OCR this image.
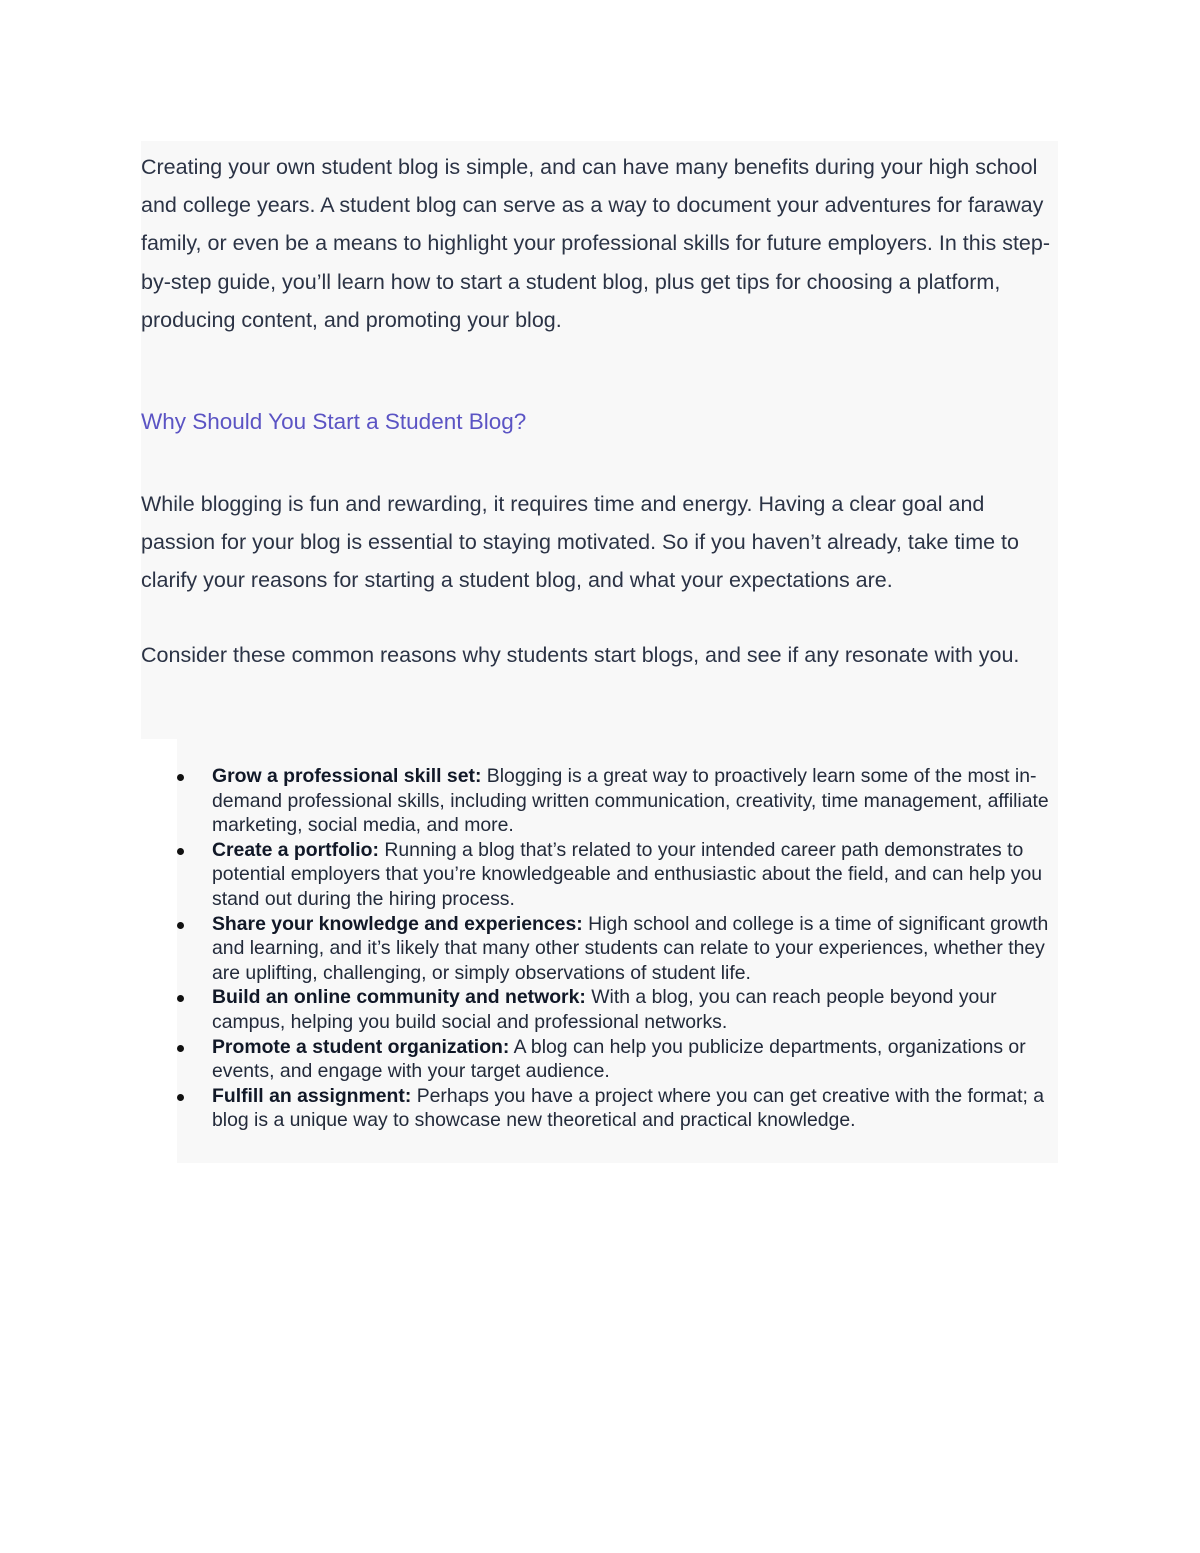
Creating your own student blog is simple, and can have many benefits during your high school and college years. A student blog can serve as a way to document your adventures for faraway family, or even be a means to highlight your professional skills for future employers. In this step-by-step guide, you’ll learn how to start a student blog, plus get tips for choosing a platform, producing content, and promoting your blog.

Why Should You Start a Student Blog?

While blogging is fun and rewarding, it requires time and energy. Having a clear goal and passion for your blog is essential to staying motivated. So if you haven’t already, take time to clarify your reasons for starting a student blog, and what your expectations are.

Consider these common reasons why students start blogs, and see if any resonate with you.

Grow a professional skill set: Blogging is a great way to proactively learn some of the most in-demand professional skills, including written communication, creativity, time management, affiliate marketing, social media, and more.
Create a portfolio: Running a blog that’s related to your intended career path demonstrates to potential employers that you’re knowledgeable and enthusiastic about the field, and can help you stand out during the hiring process.
Share your knowledge and experiences: High school and college is a time of significant growth and learning, and it’s likely that many other students can relate to your experiences, whether they are uplifting, challenging, or simply observations of student life.
Build an online community and network: With a blog, you can reach people beyond your campus, helping you build social and professional networks.
Promote a student organization: A blog can help you publicize departments, organizations or events, and engage with your target audience.
Fulfill an assignment: Perhaps you have a project where you can get creative with the format; a blog is a unique way to showcase new theoretical and practical knowledge.
